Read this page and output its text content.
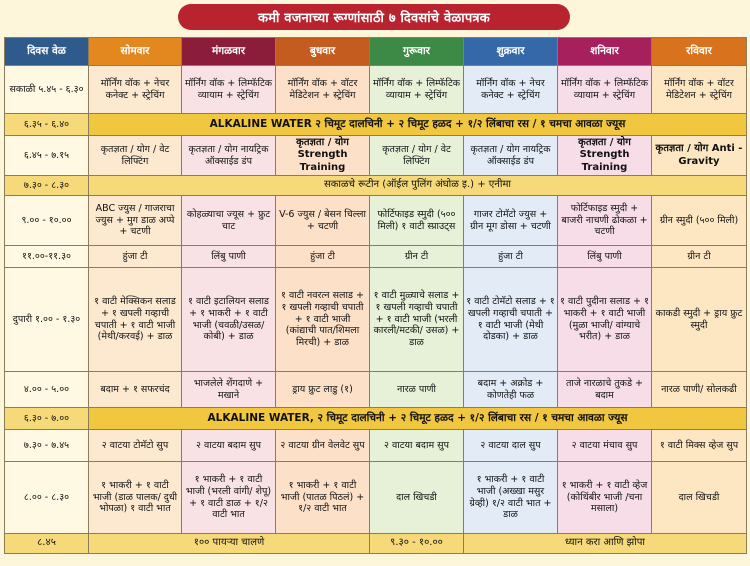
कमी वजनाच्या रूग्णांसाठी ७ दिवसांचे वेळापत्रक
दिवस वेळ	सोमवार	मंगळवार	बुधवार	गुरूवार	शुक्रवार	शनिवार	रविवार
सकाळी ५.४५ - ६.३०	मॉर्निंग वॉक + नेचर कनेक्ट + स्ट्रेचिंग	मॉर्निंग वॉक + लिम्फॅटिक व्यायाम + स्ट्रेचिंग	मॉर्निंग वॉक + वॉटर मेडिटेशन + स्ट्रेचिंग	मॉर्निंग वॉक + लिम्फॅटिक व्यायाम + स्ट्रेचिंग	मॉर्निंग वॉक + नेचर कनेक्ट + स्ट्रेचिंग	मॉर्निंग वॉक + लिम्फॅटिक व्यायाम + स्ट्रेचिंग	मॉर्निंग वॉक + वॉटर मेडिटेशन + स्ट्रेचिंग
६.३५ - ६.४०	ALKALINE WATER २ चिमूट दालचिनी + २ चिमूट हळद + १/२ लिंबाचा रस / १ चमचा आवळा ज्यूस						
६.४५ - ७.१५	कृतज्ञता / योग / वेट लिफ्टिंग	कृतज्ञता / योग नायट्रिक ऑक्साईड डंप	कृतज्ञता / योग Strength Training	कृतज्ञता / योग / वेट लिफ्टिंग	कृतज्ञता / योग नायट्रिक ऑक्साईड डंप	कृतज्ञता / योग Strength Training	कृतज्ञता / योग Anti - Gravity
७.३० - ८.३०	सकाळचे रूटीन (ऑईल पुलिंग अंघोळ इ.) + एनीमा						
९.०० - १०.००	ABC ज्युस / गाजराचा ज्युस + मुग डाळ अप्पे + चटणी	कोहळ्याचा ज्यूस + फ्रुट चाट	V-6 ज्युस / बेसन चिल्ला + चटणी	फोर्टिफाइड स्मुदी (५०० मिली) १ वाटी स्प्राउट्स	गाजर टोमॅटो ज्युस + ग्रीन मूग डोसा + चटणी	फोर्टिफाइड स्मुदी + बाजरी नाचणी ढोकळा + चटणी	ग्रीन स्मुदी (५०० मिली)
११.००-११.३०	हुंजा टी	लिंबु पाणी	हुंजा टी	ग्रीन टी	हुंजा टी	लिंबु पाणी	ग्रीन टी
दुपारी १.०० - १.३०	१ वाटी मेक्सिकन सलाड + १ खपली गव्हाची चपाती + १ वाटी भाजी (मेथी/करवई) + डाळ	१ वाटी इटालियन सलाड + १ भाकरी + १ वाटी भाजी (चवळी/उसळ/ कोबी) + डाळ	१ वाटी नवरत्न सलाड + १ खपली गव्हाची चपाती + १ वाटी भाजी (कांद्याची पात/शिमला मिरची) + डाळ	१ वाटी मुळ्याचे सलाड + १ खपली गव्हाची चपाती + १ वाटी भाजी (भरली कारली/मटकी/ उसळ) + डाळ	१ वाटी टोमॅटो सलाड + १ खपली गव्हाची चपाती + १ वाटी भाजी (मेथी दोडका) + डाळ	१ वाटी पुदीना सलाड + १ भाकरी + १ वाटी भाजी (मुळा भाजी/ वांग्याचे भरीत) + डाळ	काकडी स्मुदी + ड्राय फ्रुट स्मुदी
४.०० - ५.००	बदाम + १ सफरचंद	भाजलेले शेंगदाणे + मखाने	ड्राय फ्रुट लाडु (१)	नारळ पाणी	बदाम + अक्रोड + कोणतेही फळ	ताजे नारळाचे तुकडे + बदाम	नारळ पाणी/ सोलकढी
६.३० - ७.००	ALKALINE WATER, २ चिमूट दालचिनी + २ चिमूट हळद + १/२ लिंबाचा रस / १ चमचा आवळा ज्यूस						
७.३० - ७.४५	२ वाटया टोमॅटो सुप	२ वाटया बदाम सुप	२ वाटया ग्रीन वेलवेट सुप	२ वाटया बदाम सुप	२ वाटया दाल सुप	२ वाटया मंचाव सुप	१ वाटी मिक्स व्हेज सुप
८.०० - ८.३०	१ भाकरी + १ वाटी भाजी (डाळ पालक/ दुधी भोपळा) १ वाटी भात	१ भाकरी + १ वाटी भाजी (भरली वांगी/ शेपू) + १ वाटी डाळ + १/२ वाटी भात	१ भाकरी + १ वाटी भाजी (पातळ पिठलं) + १/२ वाटी भात	दाल खिचडी	१ भाकरी + १ वाटी भाजी (अख्खा मसुर ग्रेव्ही) १/२ वाटी भात + डाळ	१ भाकरी + १ वाटी व्हेज (कोथिंबीर भाजी /चना मसाला)	दाल खिचडी
८.४५	१०० पायऱ्या चालणे			९.३० - १०.००	ध्यान करा आणि झोपा		
